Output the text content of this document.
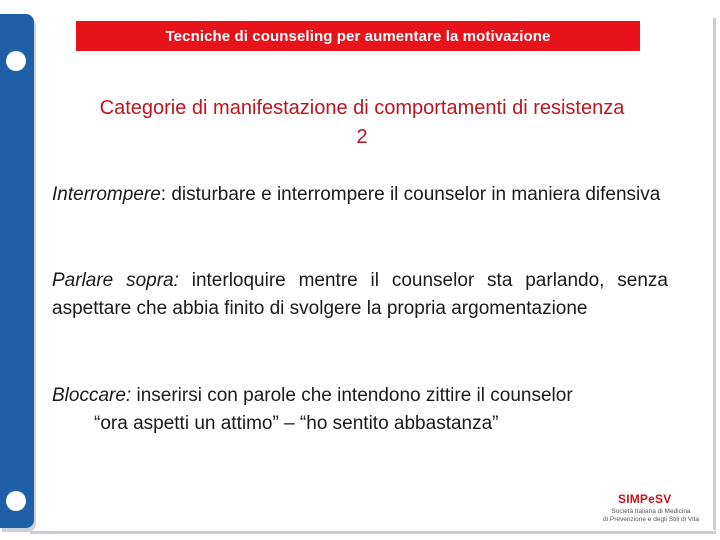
Tecniche di counseling per aumentare la motivazione
Categorie di manifestazione di comportamenti di resistenza
2
Interrompere: disturbare e interrompere il counselor in maniera difensiva
Parlare sopra: interloquire mentre il counselor sta parlando, senza aspettare che abbia finito di svolgere la propria argomentazione
Bloccare: inserirsi con parole che intendono zittire il counselor
“ora aspetti un attimo” – “ho sentito abbastanza”
SIMPeSV
Società Italiana di Medicina
di Prevenzione e degli Stili di Vita
